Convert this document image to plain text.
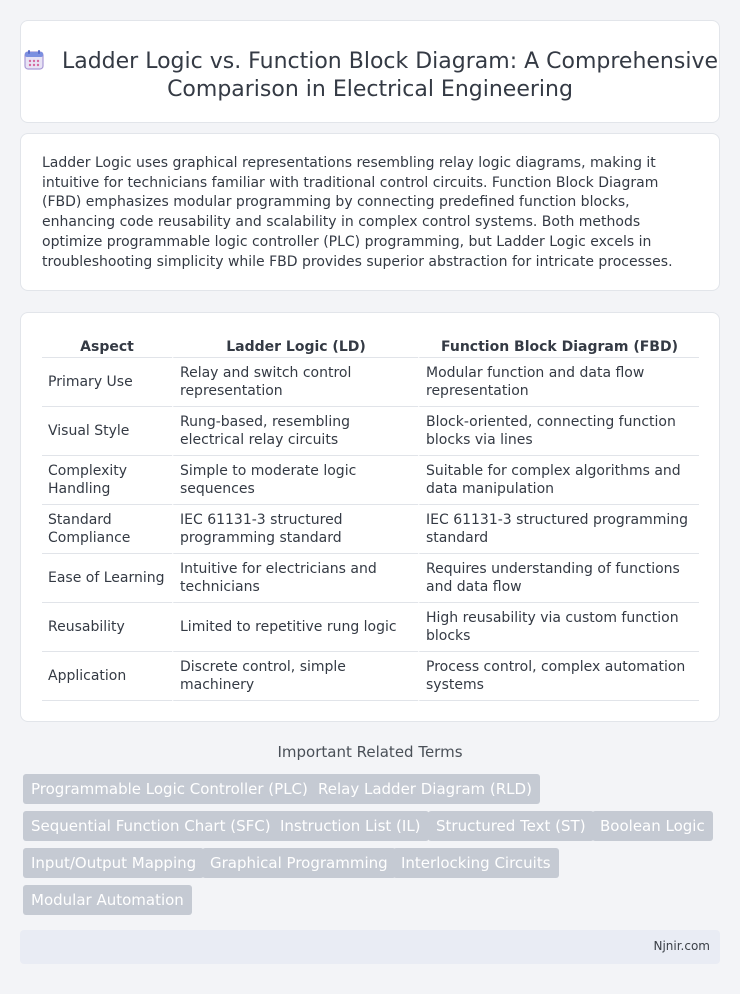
Ladder Logic vs. Function Block Diagram: A Comprehensive Comparison in Electrical Engineering

Ladder Logic uses graphical representations resembling relay logic diagrams, making it intuitive for technicians familiar with traditional control circuits. Function Block Diagram (FBD) emphasizes modular programming by connecting predefined function blocks, enhancing code reusability and scalability in complex control systems. Both methods optimize programmable logic controller (PLC) programming, but Ladder Logic excels in troubleshooting simplicity while FBD provides superior abstraction for intricate processes.

Aspect	Ladder Logic (LD)	Function Block Diagram (FBD)
Primary Use	Relay and switch control representation	Modular function and data flow representation
Visual Style	Rung-based, resembling electrical relay circuits	Block-oriented, connecting function blocks via lines
Complexity Handling	Simple to moderate logic sequences	Suitable for complex algorithms and data manipulation
Standard Compliance	IEC 61131-3 structured programming standard	IEC 61131-3 structured programming standard
Ease of Learning	Intuitive for electricians and technicians	Requires understanding of functions and data flow
Reusability	Limited to repetitive rung logic	High reusability via custom function blocks
Application	Discrete control, simple machinery	Process control, complex automation systems
Important Related Terms
Programmable Logic Controller (PLC) Relay Ladder Diagram (RLD)
Sequential Function Chart (SFC) Instruction List (IL)	Structured Text (ST) Boolean Logic
Input/Output Mapping Graphical Programming Interlocking Circuits
Modular Automation
Njnir.com
